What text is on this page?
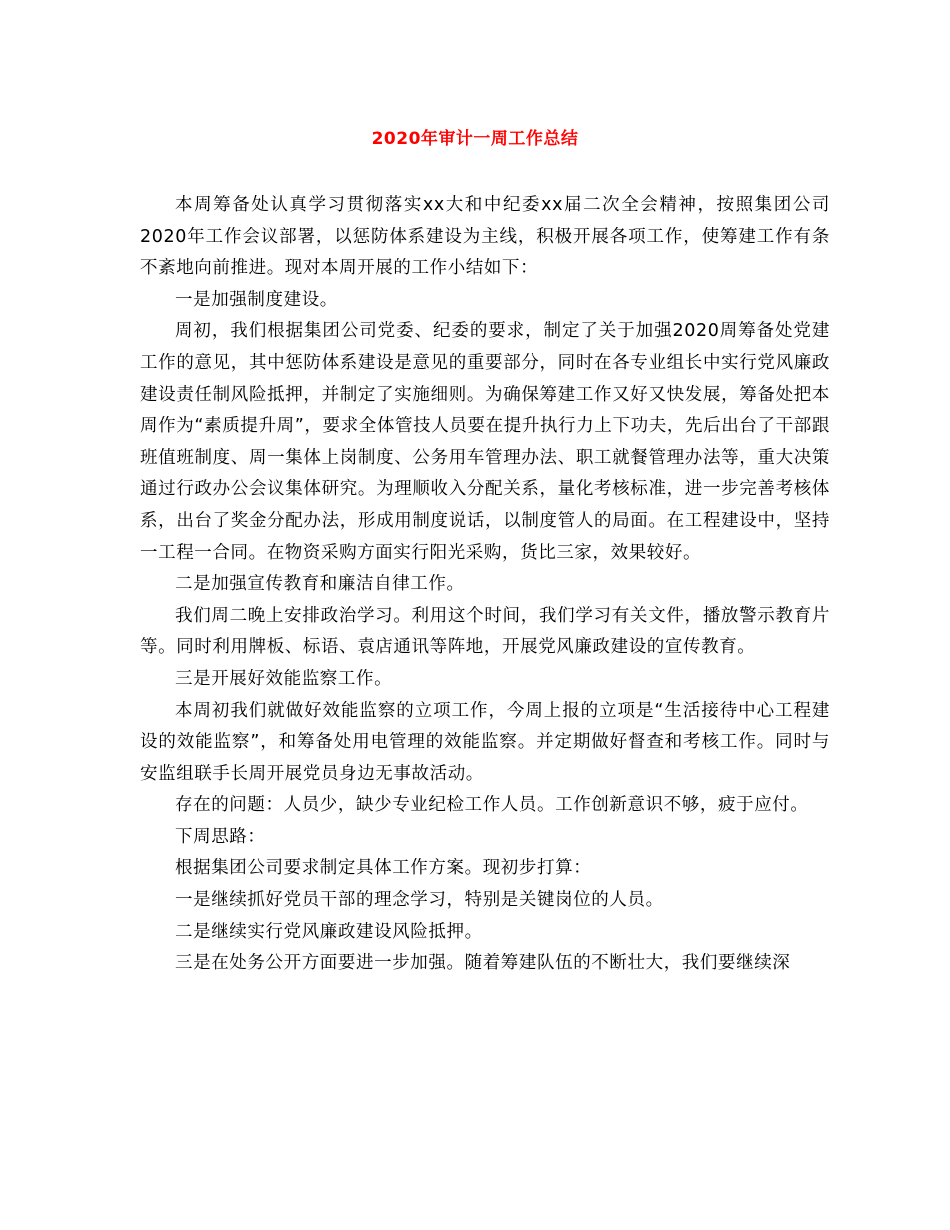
2020年审计一周工作总结

本周筹备处认真学习贯彻落实xx大和中纪委xx届二次全会精神，按照集团公司2020年工作会议部署，以惩防体系建设为主线，积极开展各项工作，使筹建工作有条不紊地向前推进。现对本周开展的工作小结如下：

一是加强制度建设。

周初，我们根据集团公司党委、纪委的要求，制定了关于加强2020周筹备处党建工作的意见，其中惩防体系建设是意见的重要部分，同时在各专业组长中实行党风廉政建设责任制风险抵押，并制定了实施细则。为确保筹建工作又好又快发展，筹备处把本周作为“素质提升周”，要求全体管技人员要在提升执行力上下功夫，先后出台了干部跟班值班制度、周一集体上岗制度、公务用车管理办法、职工就餐管理办法等，重大决策通过行政办公会议集体研究。为理顺收入分配关系，量化考核标准，进一步完善考核体系，出台了奖金分配办法，形成用制度说话，以制度管人的局面。在工程建设中，坚持一工程一合同。在物资采购方面实行阳光采购，货比三家，效果较好。

二是加强宣传教育和廉洁自律工作。

我们周二晚上安排政治学习。利用这个时间，我们学习有关文件，播放警示教育片等。同时利用牌板、标语、袁店通讯等阵地，开展党风廉政建设的宣传教育。

三是开展好效能监察工作。

本周初我们就做好效能监察的立项工作，今周上报的立项是“生活接待中心工程建设的效能监察”，和筹备处用电管理的效能监察。并定期做好督查和考核工作。同时与安监组联手长周开展党员身边无事故活动。

存在的问题：人员少，缺少专业纪检工作人员。工作创新意识不够，疲于应付。

下周思路：

根据集团公司要求制定具体工作方案。现初步打算：

一是继续抓好党员干部的理念学习，特别是关键岗位的人员。

二是继续实行党风廉政建设风险抵押。

三是在处务公开方面要进一步加强。随着筹建队伍的不断壮大，我们要继续深
